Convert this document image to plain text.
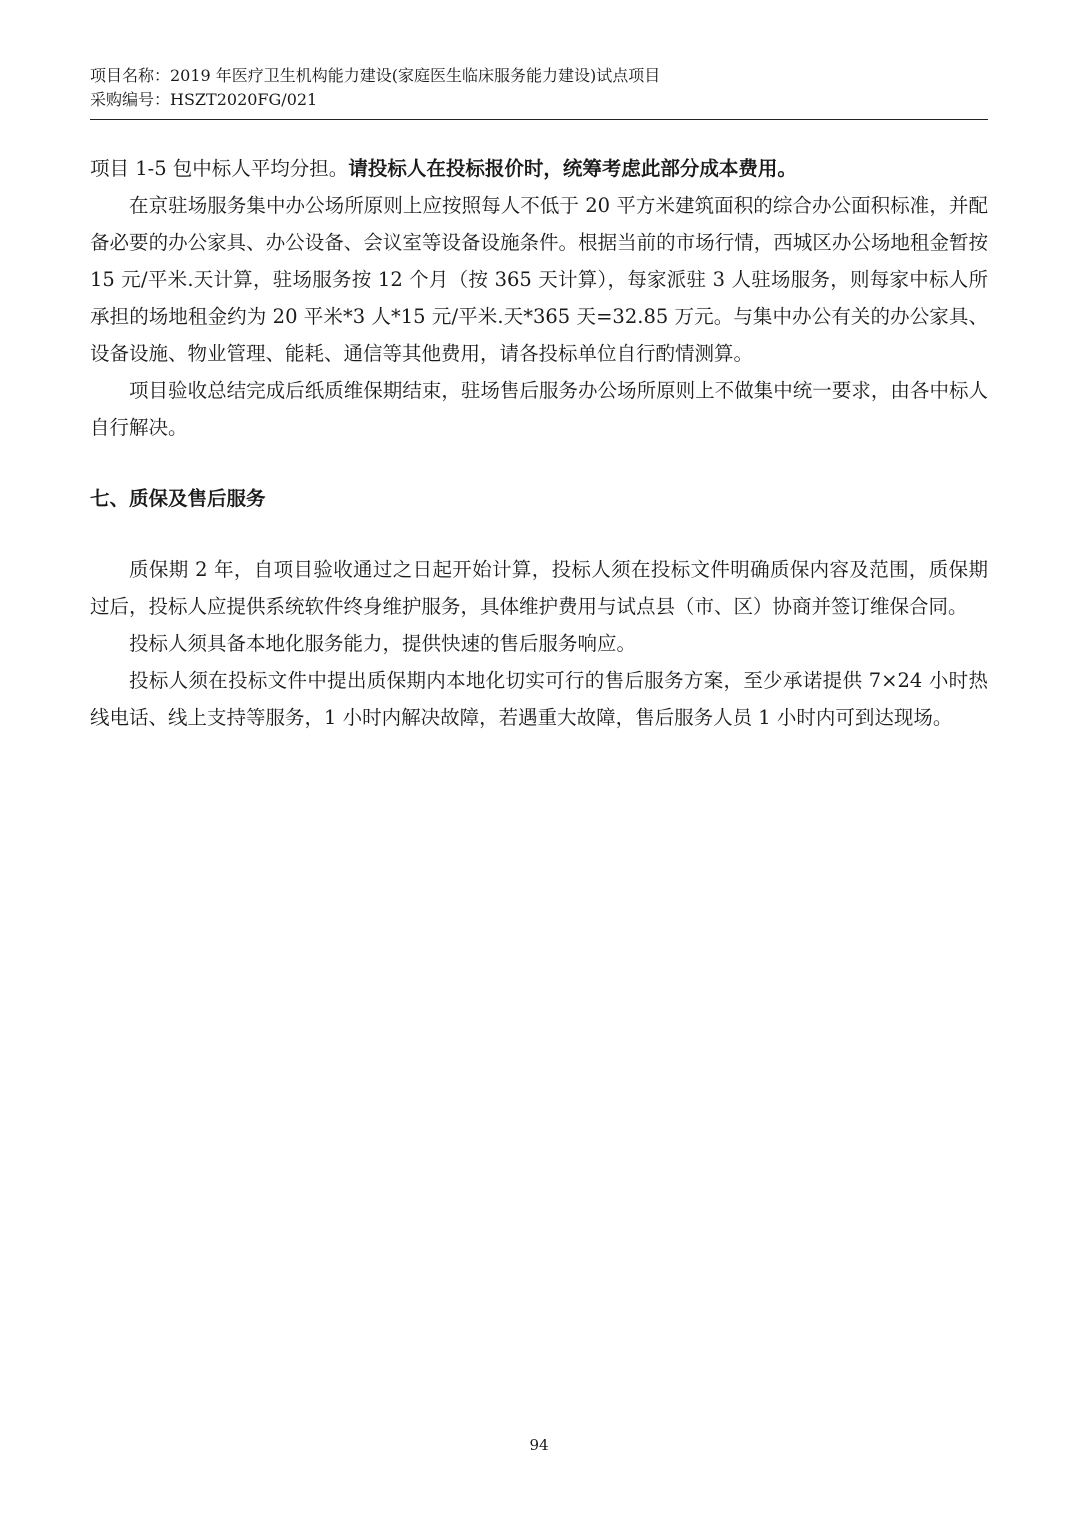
项目名称：2019 年医疗卫生机构能力建设(家庭医生临床服务能力建设)试点项目
采购编号：HSZT2020FG/021

项目 1-5 包中标人平均分担。请投标人在投标报价时，统筹考虑此部分成本费用。

在京驻场服务集中办公场所原则上应按照每人不低于 20 平方米建筑面积的综合办公面积标准，并配备必要的办公家具、办公设备、会议室等设备设施条件。根据当前的市场行情，西城区办公场地租金暂按 15 元/平米.天计算，驻场服务按 12 个月（按 365 天计算），每家派驻 3 人驻场服务，则每家中标人所承担的场地租金约为 20 平米*3 人*15 元/平米.天*365 天=32.85 万元。与集中办公有关的办公家具、设备设施、物业管理、能耗、通信等其他费用，请各投标单位自行酌情测算。

项目验收总结完成后纸质维保期结束，驻场售后服务办公场所原则上不做集中统一要求，由各中标人自行解决。

七、质保及售后服务

质保期 2 年，自项目验收通过之日起开始计算，投标人须在投标文件明确质保内容及范围，质保期过后，投标人应提供系统软件终身维护服务，具体维护费用与试点县（市、区）协商并签订维保合同。

投标人须具备本地化服务能力，提供快速的售后服务响应。

投标人须在投标文件中提出质保期内本地化切实可行的售后服务方案，至少承诺提供 7×24 小时热线电话、线上支持等服务，1 小时内解决故障，若遇重大故障，售后服务人员 1 小时内可到达现场。

94
